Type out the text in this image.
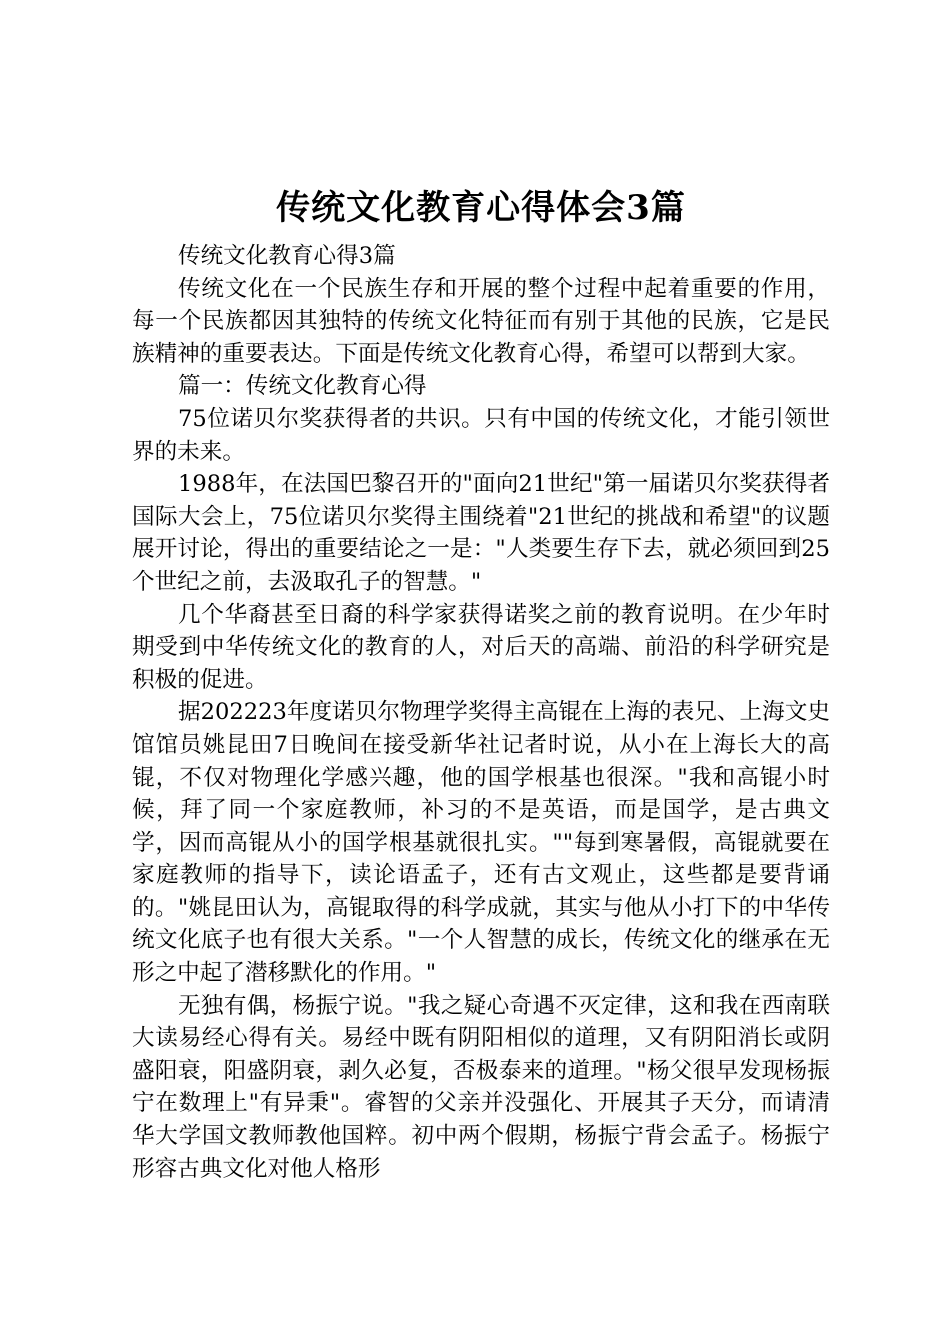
传统文化教育心得体会3篇

传统文化教育心得3篇

传统文化在一个民族生存和开展的整个过程中起着重要的作用，每一个民族都因其独特的传统文化特征而有别于其他的民族，它是民族精神的重要表达。下面是传统文化教育心得，希望可以帮到大家。

篇一：传统文化教育心得

75位诺贝尔奖获得者的共识。只有中国的传统文化，才能引领世界的未来。

1988年，在法国巴黎召开的"面向21世纪"第一届诺贝尔奖获得者国际大会上，75位诺贝尔奖得主围绕着"21世纪的挑战和希望"的议题展开讨论，得出的重要结论之一是："人类要生存下去，就必须回到25个世纪之前，去汲取孔子的智慧。"

几个华裔甚至日裔的科学家获得诺奖之前的教育说明。在少年时期受到中华传统文化的教育的人，对后天的高端、前沿的科学研究是积极的促进。

据202223年度诺贝尔物理学奖得主高锟在上海的表兄、上海文史馆馆员姚昆田7日晚间在接受新华社记者时说，从小在上海长大的高锟，不仅对物理化学感兴趣，他的国学根基也很深。"我和高锟小时候，拜了同一个家庭教师，补习的不是英语，而是国学，是古典文学，因而高锟从小的国学根基就很扎实。""每到寒暑假，高锟就要在家庭教师的指导下，读论语孟子，还有古文观止，这些都是要背诵的。"姚昆田认为，高锟取得的科学成就，其实与他从小打下的中华传统文化底子也有很大关系。"一个人智慧的成长，传统文化的继承在无形之中起了潜移默化的作用。"

无独有偶，杨振宁说。"我之疑心奇遇不灭定律，这和我在西南联大读易经心得有关。易经中既有阴阳相似的道理，又有阴阳消长或阴盛阳衰，阳盛阴衰，剥久必复，否极泰来的道理。"杨父很早发现杨振宁在数理上"有异秉"。睿智的父亲并没强化、开展其子天分，而请清华大学国文教师教他国粹。初中两个假期，杨振宁背会孟子。杨振宁形容古典文化对他人格形
